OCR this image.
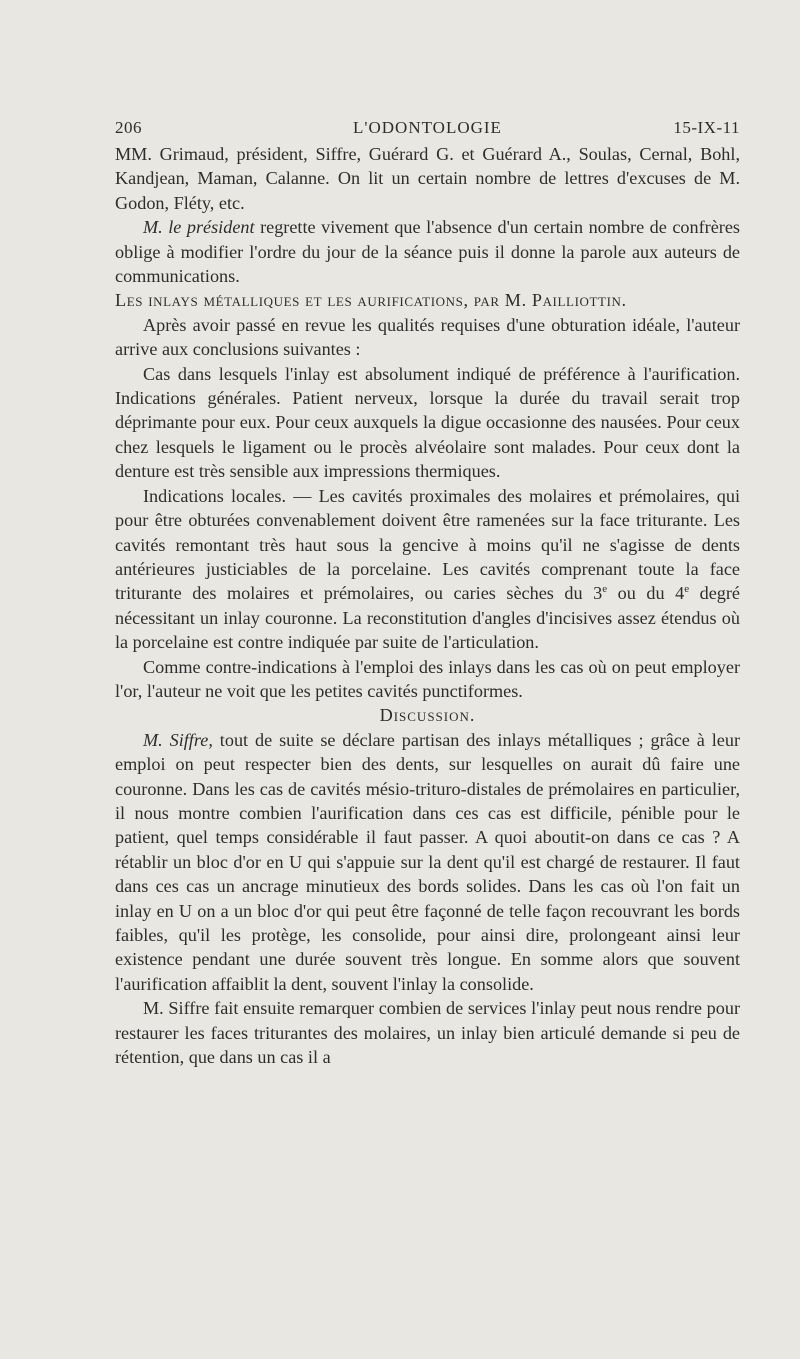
206	L'ODONTOLOGIE	15-IX-11

MM. Grimaud, président, Siffre, Guérard G. et Guérard A., Soulas, Cernal, Bohl, Kandjean, Maman, Calanne. On lit un certain nombre de lettres d'excuses de M. Godon, Fléty, etc.

M. le président regrette vivement que l'absence d'un certain nombre de confrères oblige à modifier l'ordre du jour de la séance puis il donne la parole aux auteurs de communications.

Les inlays métalliques et les aurifications, par M. Pailliottin.

Après avoir passé en revue les qualités requises d'une obturation idéale, l'auteur arrive aux conclusions suivantes :

Cas dans lesquels l'inlay est absolument indiqué de préférence à l'aurification. Indications générales. Patient nerveux, lorsque la durée du travail serait trop déprimante pour eux. Pour ceux auxquels la digue occasionne des nausées. Pour ceux chez lesquels le ligament ou le procès alvéolaire sont malades. Pour ceux dont la denture est très sensible aux impressions thermiques.

Indications locales. — Les cavités proximales des molaires et prémolaires, qui pour être obturées convenablement doivent être ramenées sur la face triturante. Les cavités remontant très haut sous la gencive à moins qu'il ne s'agisse de dents antérieures justiciables de la porcelaine. Les cavités comprenant toute la face triturante des molaires et prémolaires, ou caries sèches du 3e ou du 4e degré nécessitant un inlay couronne. La reconstitution d'angles d'incisives assez étendus où la porcelaine est contre indiquée par suite de l'articulation.

Comme contre-indications à l'emploi des inlays dans les cas où on peut employer l'or, l'auteur ne voit que les petites cavités punctiformes.

Discussion.

M. Siffre, tout de suite se déclare partisan des inlays métalliques ; grâce à leur emploi on peut respecter bien des dents, sur lesquelles on aurait dû faire une couronne. Dans les cas de cavités mésio-trituro-distales de prémolaires en particulier, il nous montre combien l'aurification dans ces cas est difficile, pénible pour le patient, quel temps considérable il faut passer. A quoi aboutit-on dans ce cas ? A rétablir un bloc d'or en U qui s'appuie sur la dent qu'il est chargé de restaurer. Il faut dans ces cas un ancrage minutieux des bords solides. Dans les cas où l'on fait un inlay en U on a un bloc d'or qui peut être façonné de telle façon recouvrant les bords faibles, qu'il les protège, les consolide, pour ainsi dire, prolongeant ainsi leur existence pendant une durée souvent très longue. En somme alors que souvent l'aurification affaiblit la dent, souvent l'inlay la consolide.

M. Siffre fait ensuite remarquer combien de services l'inlay peut nous rendre pour restaurer les faces triturantes des molaires, un inlay bien articulé demande si peu de rétention, que dans un cas il a
